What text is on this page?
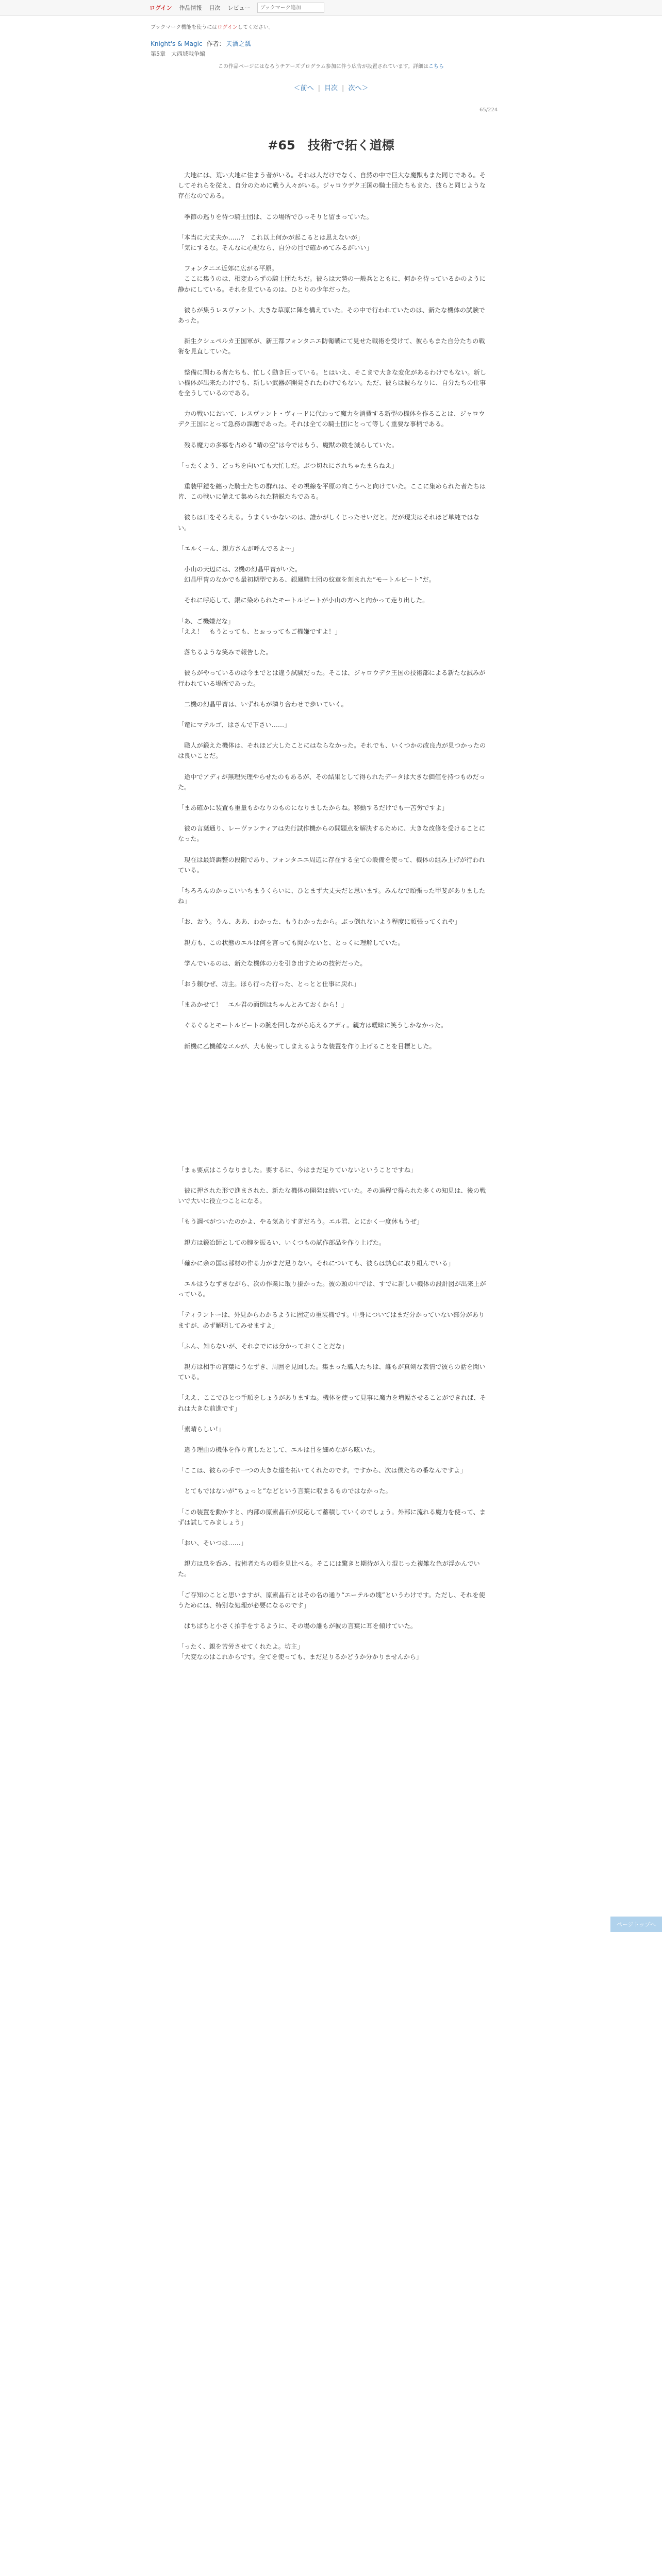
ログイン 作品情報 目次 レビュー
ブックマーク追加
ブックマーク機能を使うにはログインしてください。
Knight's & Magic 作者： 天酒之瓢
第5章　大西域戦争編
この作品ページにはなろうチアーズプログラム参加に伴う広告が設置されています。詳細はこちら
＜前へ | 目次 | 次へ＞
65/224
#65　技術で拓く道標

　大地には、荒い大地に住まう者がいる。それは人だけでなく、自然の中で巨大な魔獣もまた同じである。そしてそれらを従え、自分のために戦う人々がいる。ジャロウデク王国の騎士団たちもまた、彼らと同じような存在なのである。

　季節の巡りを待つ騎士団は、この場所でひっそりと留まっていた。

「本当に大丈夫か……?　これ以上何かが起こるとは思えないが」
「気にするな。そんなに心配なら、自分の目で確かめてみるがいい」

　フォンタニエ近郊に広がる平原。
　ここに集うのは、相変わらずの騎士団たちだ。彼らは大勢の一般兵とともに、何かを待っているかのように静かにしている。それを見ているのは、ひとりの少年だった。

　彼らが集うレスヴァント、大きな草原に陣を構えていた。その中で行われていたのは、新たな機体の試験であった。

　新生クシェペルカ王国軍が、新王都フォンタニエ防衛戦にて見せた戦術を受けて、彼らもまた自分たちの戦術を見直していた。

　整備に関わる者たちも、忙しく動き回っている。とはいえ、そこまで大きな変化があるわけでもない。新しい機体が出来たわけでも、新しい武器が開発されたわけでもない。ただ、彼らは彼らなりに、自分たちの仕事を全うしているのである。

　力の戦いにおいて、レスヴァント・ヴィードに代わって魔力を消費する新型の機体を作ることは、ジャロウデク王国にとって急務の課題であった。それは全ての騎士団にとって等しく重要な事柄である。

　残る魔力の多寡を占める“晴の空”は今ではもう、魔獣の数を減らしていた。

「ったくよう、どっちを向いても大忙しだ。ぶつ切れにされちゃたまらねえ」

　重装甲鎧を纏った騎士たちの群れは、その視線を平原の向こうへと向けていた。ここに集められた者たちは皆、この戦いに備えて集められた精鋭たちである。

　彼らは口をそろえる。うまくいかないのは、誰かがしくじったせいだと。だが現実はそれほど単純ではない。

「エルくーん、親方さんが呼んでるよ～」

　小山の天辺には、2機の幻晶甲冑がいた。
　幻晶甲冑のなかでも最初期型である、銀鳳騎士団の紋章を刻まれた“モートルビート”だ。

　それに呼応して、銀に染められたモートルビートが小山の方へと向かって走り出した。

「あ、ご機嫌だな」
「ええ！　もうとっても、とぉっってもご機嫌ですよ！」

　落ちるような笑みで報告した。

　彼らがやっているのは今までとは違う試験だった。そこは、ジャロウデク王国の技術部による新たな試みが行われている場所であった。

　二機の幻晶甲冑は、いずれもが隣り合わせで歩いていく。

「竜にマテルゴ、はさんで下さい……」

　職人が鍛えた機体は、それほど大したことにはならなかった。それでも、いくつかの改良点が見つかったのは良いことだ。

　途中でアディが無理矢理やらせたのもあるが、その結果として得られたデータは大きな価値を持つものだった。

「まあ確かに装置も重量もかなりのものになりましたからね。移動するだけでも一苦労ですよ」

　彼の言葉通り、レーヴァンティアは先行試作機からの問題点を解決するために、大きな改修を受けることになった。

　現在は最終調整の段階であり、フォンタニエ周辺に存在する全ての設備を使って、機体の組み上げが行われている。

「ちろろんのかっこいいちまうくらいに、ひとまず大丈夫だと思います。みんなで頑張った甲斐がありましたね」

「お、おう。うん、ああ、わかった、もうわかったから。ぶっ倒れないよう程度に頑張ってくれや」

　親方も、この状態のエルは何を言っても聞かないと、とっくに理解していた。

　学んでいるのは、新たな機体の力を引き出すための技術だった。

「おう頼むぜ、坊主。ほら行った行った、とっとと仕事に戻れ」

「まあかせて！　エル君の面倒はちゃんとみておくから！」

　ぐるぐるとモートルビートの腕を回しながら応えるアディ。親方は曖昧に笑うしかなかった。

　新機に乙機種なエルが、大も使ってしまえるような装置を作り上げることを目標とした。

「まぁ要点はこうなりました。要するに、今はまだ足りていないということですね」

　彼に押された形で進まされた、新たな機体の開発は続いていた。その過程で得られた多くの知見は、後の戦いで大いに役立つことになる。

「もう調べがついたのかよ、やる気ありすぎだろう。エル君、とにかく一度休もうぜ」

　親方は鍛冶師としての腕を振るい、いくつもの試作部品を作り上げた。

「確かに余の国は部材の作る力がまだ足りない。それについても、彼らは熱心に取り組んでいる」

　エルはうなずきながら、次の作業に取り掛かった。彼の頭の中では、すでに新しい機体の設計図が出来上がっている。

「ティラントーは、外見からわかるように固定の重装機です。中身についてはまだ分かっていない部分がありますが、必ず解明してみせますよ」

「ふん、知らないが、それまでには分かっておくことだな」

　親方は相手の言葉にうなずき、周囲を見回した。集まった職人たちは、誰もが真剣な表情で彼らの話を聞いている。

「ええ、ここでひとつ手順をしょうがありますね。機体を使って見事に魔力を増幅させることができれば、それは大きな前進です」

「素晴らしい!」

　違う理由の機体を作り直したとして、エルは目を細めながら呟いた。

「ここは、彼らの手で一つの大きな道を拓いてくれたのです。ですから、次は僕たちの番なんですよ」

　とてもではないが“ちょっと”などという言葉に収まるものではなかった。

「この装置を動かすと、内部の原素晶石が反応して蓄積していくのでしょう。外部に流れる魔力を使って、まずは試してみましょう」

「おい、そいつは……」

　親方は息を呑み、技術者たちの顔を見比べる。そこには驚きと期待が入り混じった複雑な色が浮かんでいた。

「ご存知のことと思いますが、原素晶石とはその名の通り“エーテルの塊”というわけです。ただし、それを使うためには、特別な処理が必要になるのです」

　ぱちぱちと小さく拍手をするように、その場の誰もが彼の言葉に耳を傾けていた。

「ったく、親を苦労させてくれたよ。坊主」
「大変なのはこれからです。全てを使っても、まだ足りるかどうか分かりませんから」

ページトップへ
